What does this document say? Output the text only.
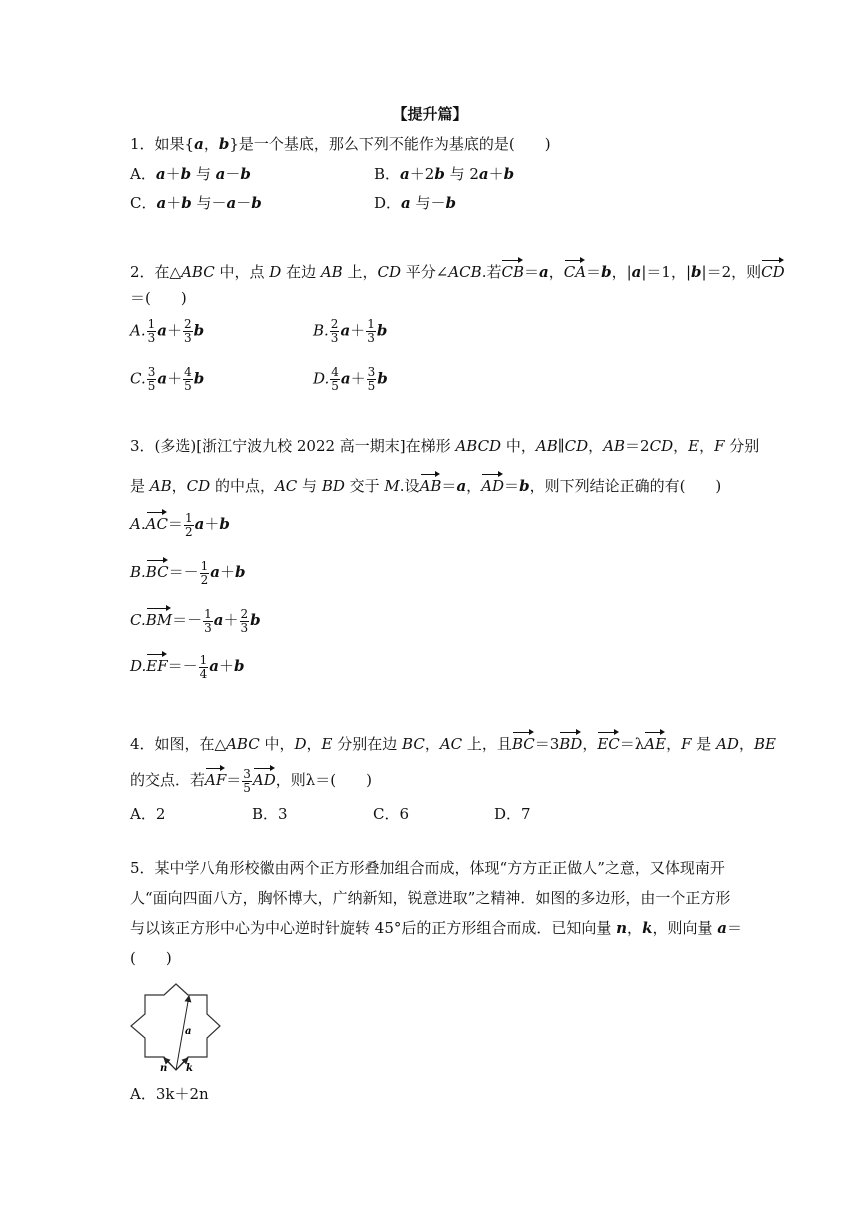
【提升篇】
1．如果{a，b}是一个基底，那么下列不能作为基底的是(　　)
A．a＋b 与 a－b	B．a＋2b 与 2a＋b
C．a＋b 与－a－b	D．a 与－b
2．在△ABC 中，点 D 在边 AB 上，CD 平分∠ACB.若CB＝a，CA＝b，|a|＝1，|b|＝2，则CD
＝(　　)
A. $\frac{1}{3} a+ \frac{2}{3}$ b	B. $\frac{2}{3} a+ \frac{1}{3}$ b
C. $\frac{3}{5} a+ \frac{4}{5}$ b	D. $\frac{4}{5} a+ \frac{3}{5}$ b
3．(多选)[浙江宁波九校 2022 高一期末]在梯形 ABCD 中，AB∥CD，AB＝2CD，E，F 分别
是 AB，CD 的中点，AC 与 BD 交于 M.设AB＝a，AD＝b，则下列结论正确的有(　　)
$A.AC= \frac{1}{2} a+b$
$B.BC=- \frac{1}{2} a+b$
$C.BM=- \frac{1}{3} a+ \frac{2}{3}$ b
$D.EF=- \frac{1}{4} a+b$
4．如图，在△ABC 中，D，E 分别在边 BC，AC 上，且BC＝3BD，EC＝λAE，F 是 AD，BE
的交点．若$AF= \frac{3}{5}$ AD，则λ＝(　　)
A．2	B．3	C．6	D．7
5．某中学八角形校徽由两个正方形叠加组合而成，体现“方方正正做人”之意，又体现南开
人“面向四面八方，胸怀博大，广纳新知，锐意进取”之精神．如图的多边形，由一个正方形
与以该正方形中心为中心逆时针旋转 45°后的正方形组合而成．已知向量 n，k，则向量 a＝
(　　)
a
n k
A．3k＋2n
